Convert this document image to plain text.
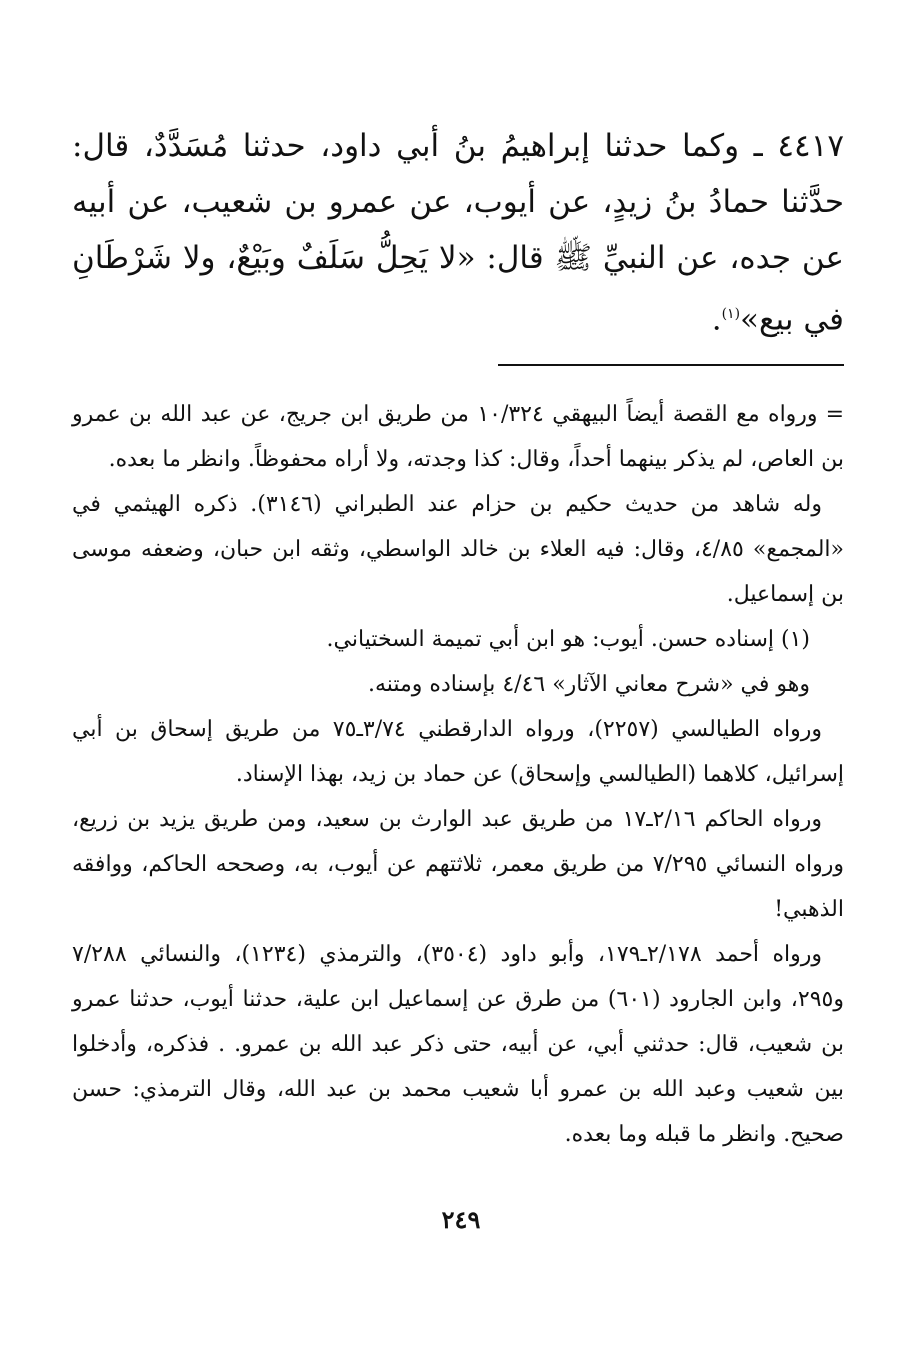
٤٤١٧ ـ وكما حدثنا إبراهيمُ بنُ أبي داود، حدثنا مُسَدَّدٌ، قال: حدَّثنا حمادُ بنُ زيدٍ، عن أيوب، عن عمرو بن شعيب، عن أبيه عن جده، عن النبيِّ ﷺ قال: «لا يَحِلُّ سَلَفٌ وبَيْعٌ، ولا شَرْطَانِ في بيع»$^{(١)}$.

=ورواه مع القصة أيضاً البيهقي ١٠/٣٢٤ من طريق ابن جريج، عن عبد الله بن عمرو بن العاص، لم يذكر بينهما أحداً، وقال: كذا وجدته، ولا أراه محفوظاً. وانظر ما بعده.

وله شاهد من حديث حكيم بن حزام عند الطبراني (٣١٤٦). ذكره الهيثمي في «المجمع» ٤/٨٥، وقال: فيه العلاء بن خالد الواسطي، وثقه ابن حبان، وضعفه موسى بن إسماعيل.

(١) إسناده حسن. أيوب: هو ابن أبي تميمة السختياني.

وهو في «شرح معاني الآثار» ٤/٤٦ بإسناده ومتنه.

ورواه الطيالسي (٢٢٥٧)، ورواه الدارقطني ٣/٧٤ـ٧٥ من طريق إسحاق بن أبي إسرائيل، كلاهما (الطيالسي وإسحاق) عن حماد بن زيد، بهذا الإسناد.

ورواه الحاكم ٢/١٦ـ١٧ من طريق عبد الوارث بن سعيد، ومن طريق يزيد بن زريع، ورواه النسائي ٧/٢٩٥ من طريق معمر، ثلاثتهم عن أيوب، به، وصححه الحاكم، ووافقه الذهبي!

ورواه أحمد ٢/١٧٨ـ١٧٩، وأبو داود (٣٥٠٤)، والترمذي (١٢٣٤)، والنسائي ٧/٢٨٨ و٢٩٥، وابن الجارود (٦٠١) من طرق عن إسماعيل ابن علية، حدثنا أيوب، حدثنا عمرو بن شعيب، قال: حدثني أبي، عن أبيه، حتى ذكر عبد الله بن عمرو. . فذكره، وأدخلوا بين شعيب وعبد الله بن عمرو أبا شعيب محمد بن عبد الله، وقال الترمذي: حسن صحيح. وانظر ما قبله وما بعده.

٢٤٩
